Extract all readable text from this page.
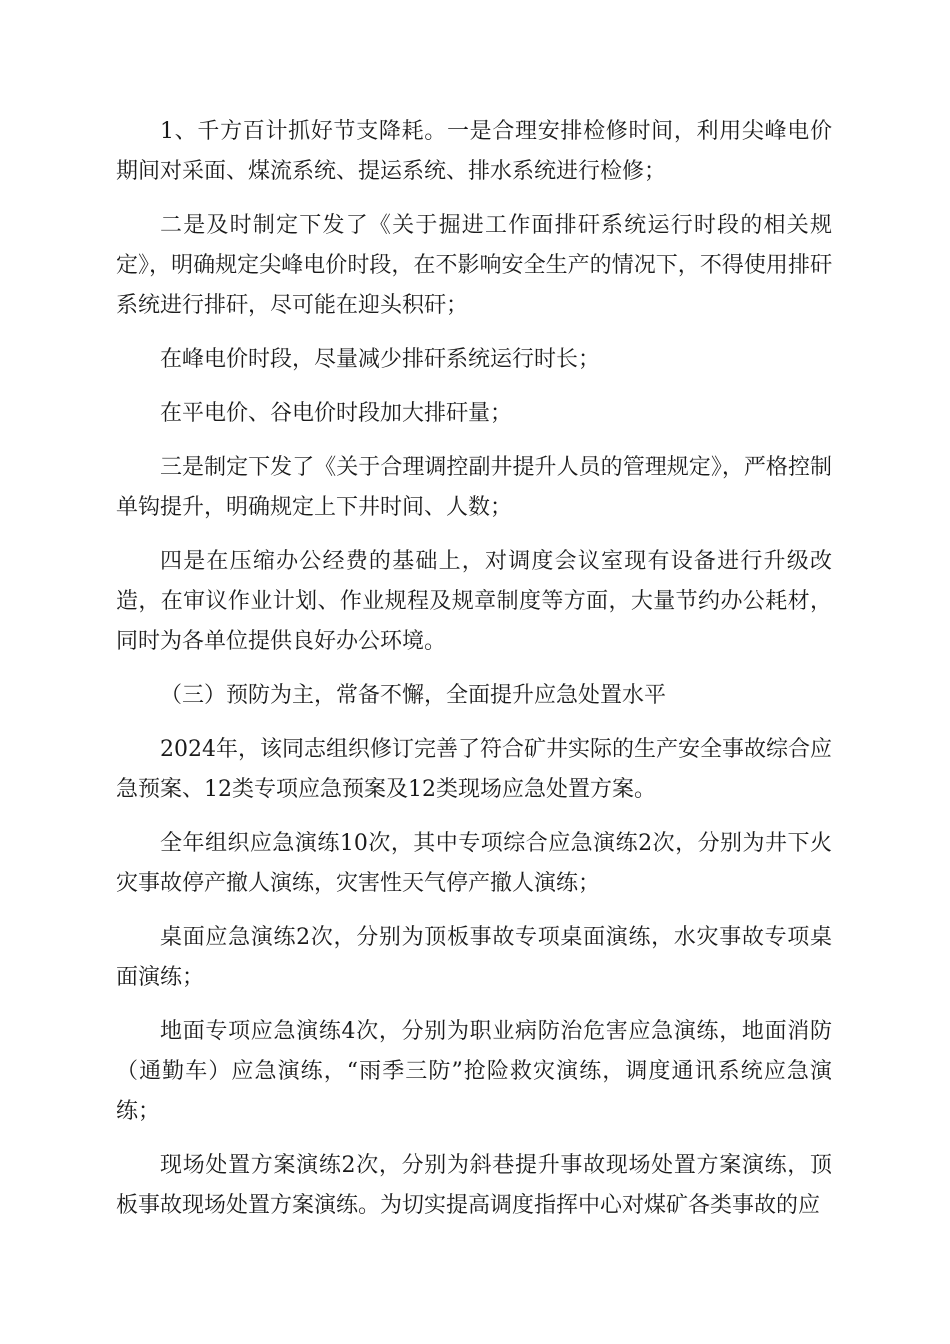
1、千方百计抓好节支降耗。一是合理安排检修时间，利用尖峰电价期间对采面、煤流系统、提运系统、排水系统进行检修；

二是及时制定下发了《关于掘进工作面排矸系统运行时段的相关规定》，明确规定尖峰电价时段，在不影响安全生产的情况下，不得使用排矸系统进行排矸，尽可能在迎头积矸；

在峰电价时段，尽量减少排矸系统运行时长；

在平电价、谷电价时段加大排矸量；

三是制定下发了《关于合理调控副井提升人员的管理规定》，严格控制单钩提升，明确规定上下井时间、人数；

四是在压缩办公经费的基础上，对调度会议室现有设备进行升级改造，在审议作业计划、作业规程及规章制度等方面，大量节约办公耗材，同时为各单位提供良好办公环境。

（三）预防为主，常备不懈，全面提升应急处置水平

2024年，该同志组织修订完善了符合矿井实际的生产安全事故综合应急预案、12类专项应急预案及12类现场应急处置方案。

全年组织应急演练10次，其中专项综合应急演练2次，分别为井下火灾事故停产撤人演练，灾害性天气停产撤人演练；

桌面应急演练2次，分别为顶板事故专项桌面演练，水灾事故专项桌面演练；

地面专项应急演练4次，分别为职业病防治危害应急演练，地面消防（通勤车）应急演练，“雨季三防”抢险救灾演练，调度通讯系统应急演练；

现场处置方案演练2次，分别为斜巷提升事故现场处置方案演练，顶板事故现场处置方案演练。为切实提高调度指挥中心对煤矿各类事故的应
